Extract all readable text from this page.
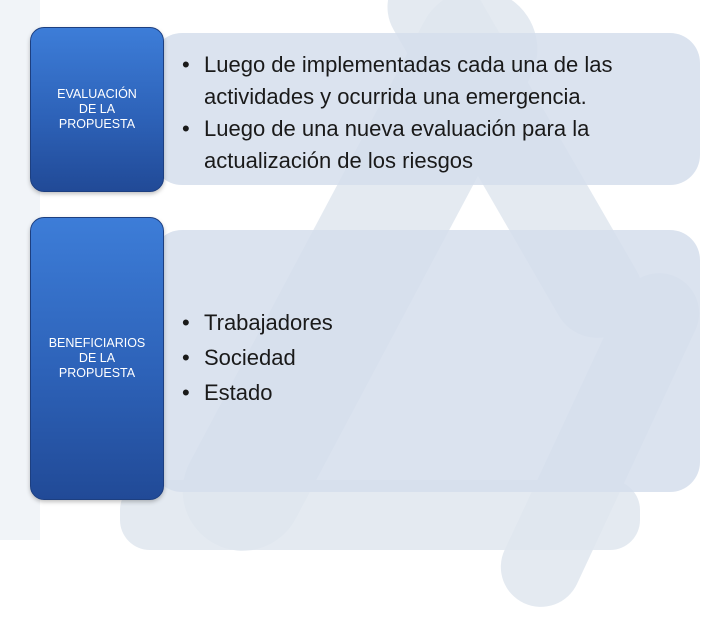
• Luego de implementadas cada una de las actividades y ocurrida una emergencia.
• Luego de una nueva evaluación para la actualización de los riesgos
EVALUACIÓN
DE LA
PROPUESTA
• Trabajadores
• Sociedad
• Estado
BENEFICIARIOS
DE LA
PROPUESTA
